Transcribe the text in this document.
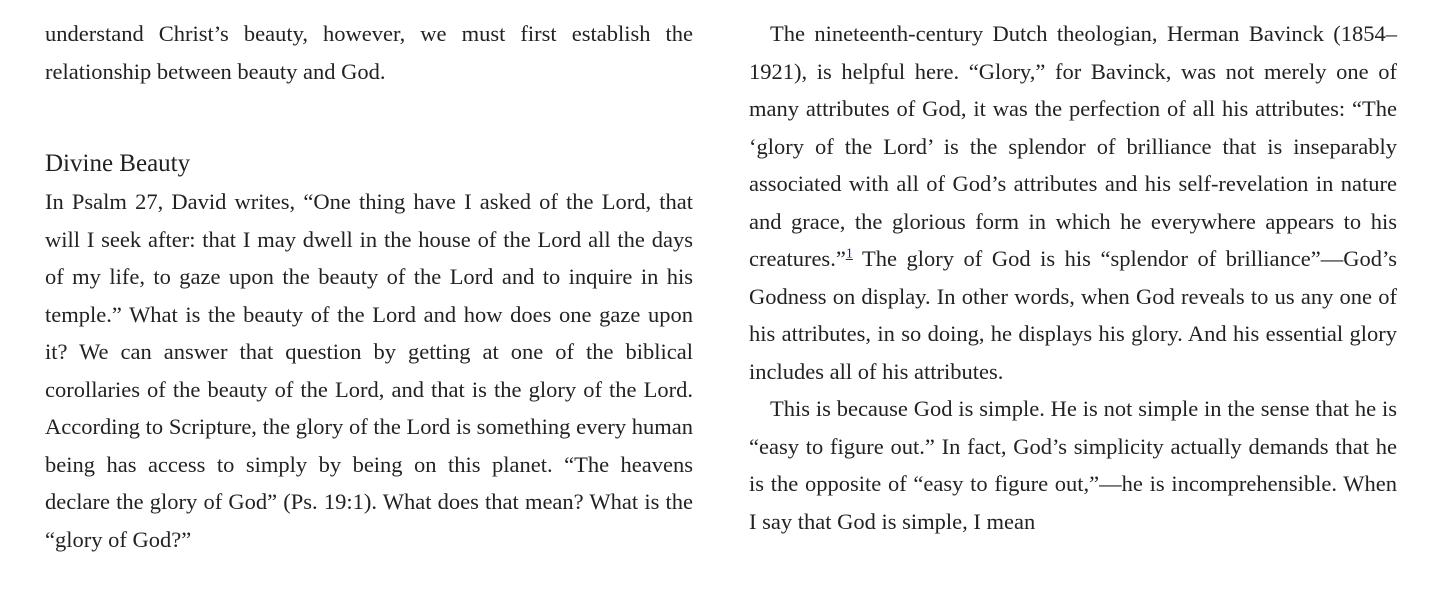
understand Christ’s beauty, however, we must first establish the relationship between beauty and God.

Divine Beauty

In Psalm 27, David writes, “One thing have I asked of the Lord, that will I seek after: that I may dwell in the house of the Lord all the days of my life, to gaze upon the beauty of the Lord and to inquire in his temple.” What is the beauty of the Lord and how does one gaze upon it? We can answer that question by getting at one of the biblical corollaries of the beauty of the Lord, and that is the glory of the Lord. According to Scripture, the glory of the Lord is something every human being has access to simply by being on this planet. “The heavens declare the glory of God” (Ps. 19:1). What does that mean? What is the “glory of God?”

The nineteenth-century Dutch theologian, Herman Bavinck (1854–1921), is helpful here. “Glory,” for Bavinck, was not merely one of many attributes of God, it was the perfection of all his attributes: “The ‘glory of the Lord’ is the splendor of brilliance that is inseparably associated with all of God’s attributes and his self-revelation in nature and grace, the glorious form in which he everywhere appears to his creatures.”$^1$ The glory of God is his “splendor of brilliance”—God’s Godness on display. In other words, when God reveals to us any one of his attributes, in so doing, he displays his glory. And his essential glory includes all of his attributes.

This is because God is simple. He is not simple in the sense that he is “easy to figure out.” In fact, God’s simplicity actually demands that he is the opposite of “easy to figure out,”—he is incomprehensible. When I say that God is simple, I mean
